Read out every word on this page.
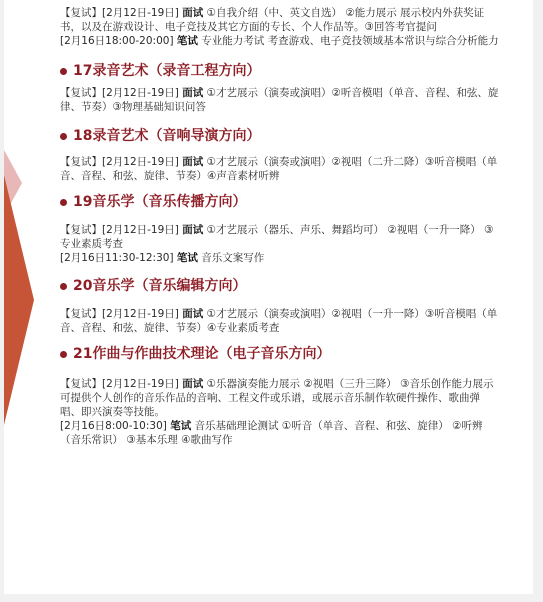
【复试】[2月12日-19日] 面试 ①自我介绍（中、英文自选） ②能力展示 展示校内外获奖证书，以及在游戏设计、电子竞技及其它方面的专长、个人作品等。③回答考官提问
[2月16日18:00-20:00] 笔试 专业能力考试 考查游戏、电子竞技领域基本常识与综合分析能力

17录音艺术（录音工程方向）

【复试】[2月12日-19日] 面试 ①才艺展示（演奏或演唱）②听音模唱（单音、音程、和弦、旋律、节奏）③物理基础知识问答

18录音艺术（音响导演方向）

【复试】[2月12日-19日] 面试 ①才艺展示（演奏或演唱）②视唱（二升二降）③听音模唱（单音、音程、和弦、旋律、节奏）④声音素材听辨

19音乐学（音乐传播方向）

【复试】[2月12日-19日] 面试 ①才艺展示（器乐、声乐、舞蹈均可） ②视唱（一升一降） ③专业素质考查
[2月16日11:30-12:30] 笔试 音乐文案写作

20音乐学（音乐编辑方向）

【复试】[2月12日-19日] 面试 ①才艺展示（演奏或演唱）②视唱（一升一降）③听音模唱（单音、音程、和弦、旋律、节奏）④专业素质考查

21作曲与作曲技术理论（电子音乐方向）

【复试】[2月12日-19日] 面试 ①乐器演奏能力展示 ②视唱（三升三降） ③音乐创作能力展示 可提供个人创作的音乐作品的音响、工程文件或乐谱，或展示音乐制作软硬件操作、歌曲弹唱、即兴演奏等技能。
[2月16日8:00-10:30] 笔试 音乐基础理论测试 ①听音（单音、音程、和弦、旋律） ②听辨（音乐常识） ③基本乐理 ④歌曲写作
